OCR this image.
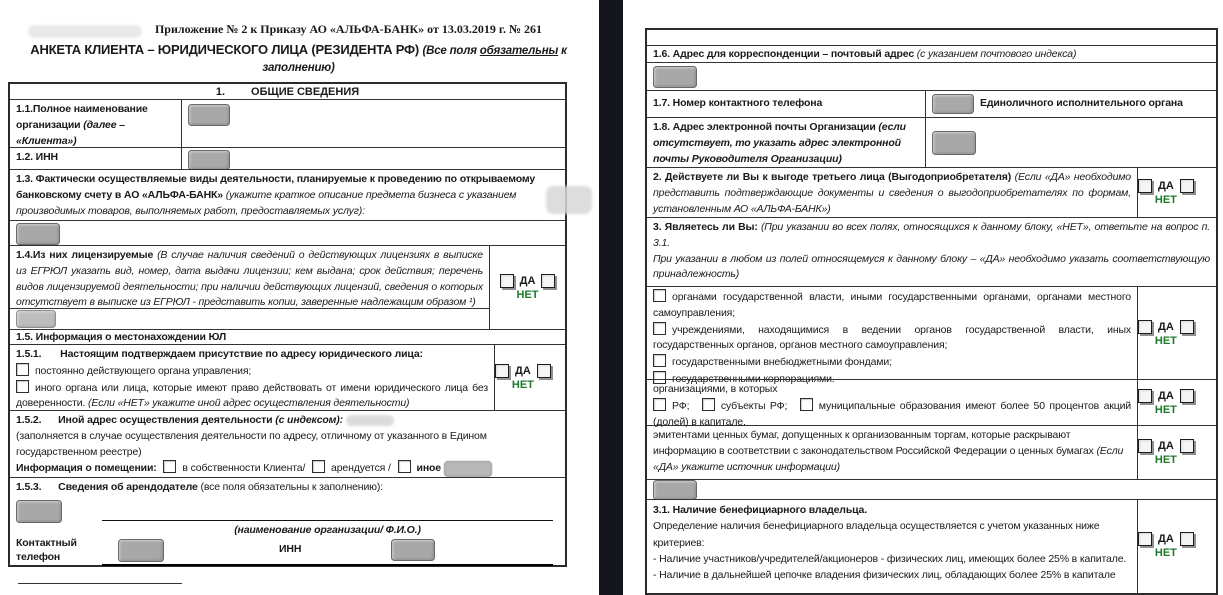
Приложение № 2 к Приказу АО «АЛЬФА-БАНК» от 13.03.2019 г. № 261
АНКЕТА КЛИЕНТА – ЮРИДИЧЕСКОГО ЛИЦА (РЕЗИДЕНТА РФ) (Все поля обязательны к
заполнению)
1. ОБЩИЕ СВЕДЕНИЯ
1.1.Полное наименование организации (далее – «Клиента»)
1.2. ИНН
1.3. Фактически осуществляемые виды деятельности, планируемые к проведению по открываемому банковскому счету в АО «АЛЬФА-БАНК» (укажите краткое описание предмета бизнеса с указанием производимых товаров, выполняемых работ, предоставляемых услуг):
1.4.Из них лицензируемые (В случае наличия сведений о действующих лицензиях в выписке из ЕГРЮЛ указать вид, номер, дата выдачи лицензии; кем выдана; срок действия; перечень видов лицензируемой деятельности; при наличии действующих лицензий, сведения о которых отсутствует в выписке из ЕГРЮЛ - представить копии, заверенные надлежащим образом ¹)
ДА
НЕТ
1.5. Информация о местонахождении ЮЛ
1.5.1. Настоящим подтверждаем присутствие по адресу юридического лица:
постоянно действующего органа управления;
иного органа или лица, которые имеют право действовать от имени юридического лица без доверенности. (Если «НЕТ» укажите иной адрес осуществления деятельности)
ДА
НЕТ
1.5.2. Иной адрес осуществления деятельности (с индексом):
(заполняется в случае осуществления деятельности по адресу, отличному от указанного в Едином государственном реестре)
Информация о помещении: в собственности Клиента/ арендуется / иное
1.5.3. Сведения об арендодателе (все поля обязательны к заполнению):
(наименование организации/ Ф.И.О.)
Контактный телефон
ИНН
1.6. Адрес для корреспонденции – почтовый адрес (с указанием почтового индекса)
1.7. Номер контактного телефона	Единоличного исполнительного органа
1.8. Адрес электронной почты Организации (если отсутствует, то указать адрес электронной почты Руководителя Организации)
2. Действуете ли Вы к выгоде третьего лица (Выгодоприобретателя) (Если «ДА» необходимо представить подтверждающие документы и сведения о выгодоприобретателях по формам, установленным АО «АЛЬФА-БАНК»)
ДА
НЕТ
3. Являетесь ли Вы: (При указании во всех полях, относящихся к данному блоку, «НЕТ», ответьте на вопрос п. 3.1.
При указании в любом из полей относящемуся к данному блоку – «ДА» необходимо указать соответствующую принадлежность)
органами государственной власти, иными государственными органами, органами местного самоуправления;
учреждениями, находящимися в ведении органов государственной власти, иных государственных органов, органов местного самоуправления;
государственными внебюджетными фондами;
государственными корпорациями.
ДА
НЕТ
организациями, в которых
РФ;	субъекты РФ;	муниципальные образования имеют более 50 процентов акций (долей) в капитале.
ДА
НЕТ
эмитентами ценных бумаг, допущенных к организованным торгам, которые раскрывают информацию в соответствии с законодательством Российской Федерации о ценных бумагах (Если «ДА» укажите источник информации)
ДА
НЕТ
3.1. Наличие бенефициарного владельца.
Определение наличия бенефициарного владельца осуществляется с учетом указанных ниже критериев:
- Наличие участников/учредителей/акционеров - физических лиц, имеющих более 25% в капитале.
- Наличие в дальнейшей цепочке владения физических лиц, обладающих более 25% в капитале
ДА
НЕТ
